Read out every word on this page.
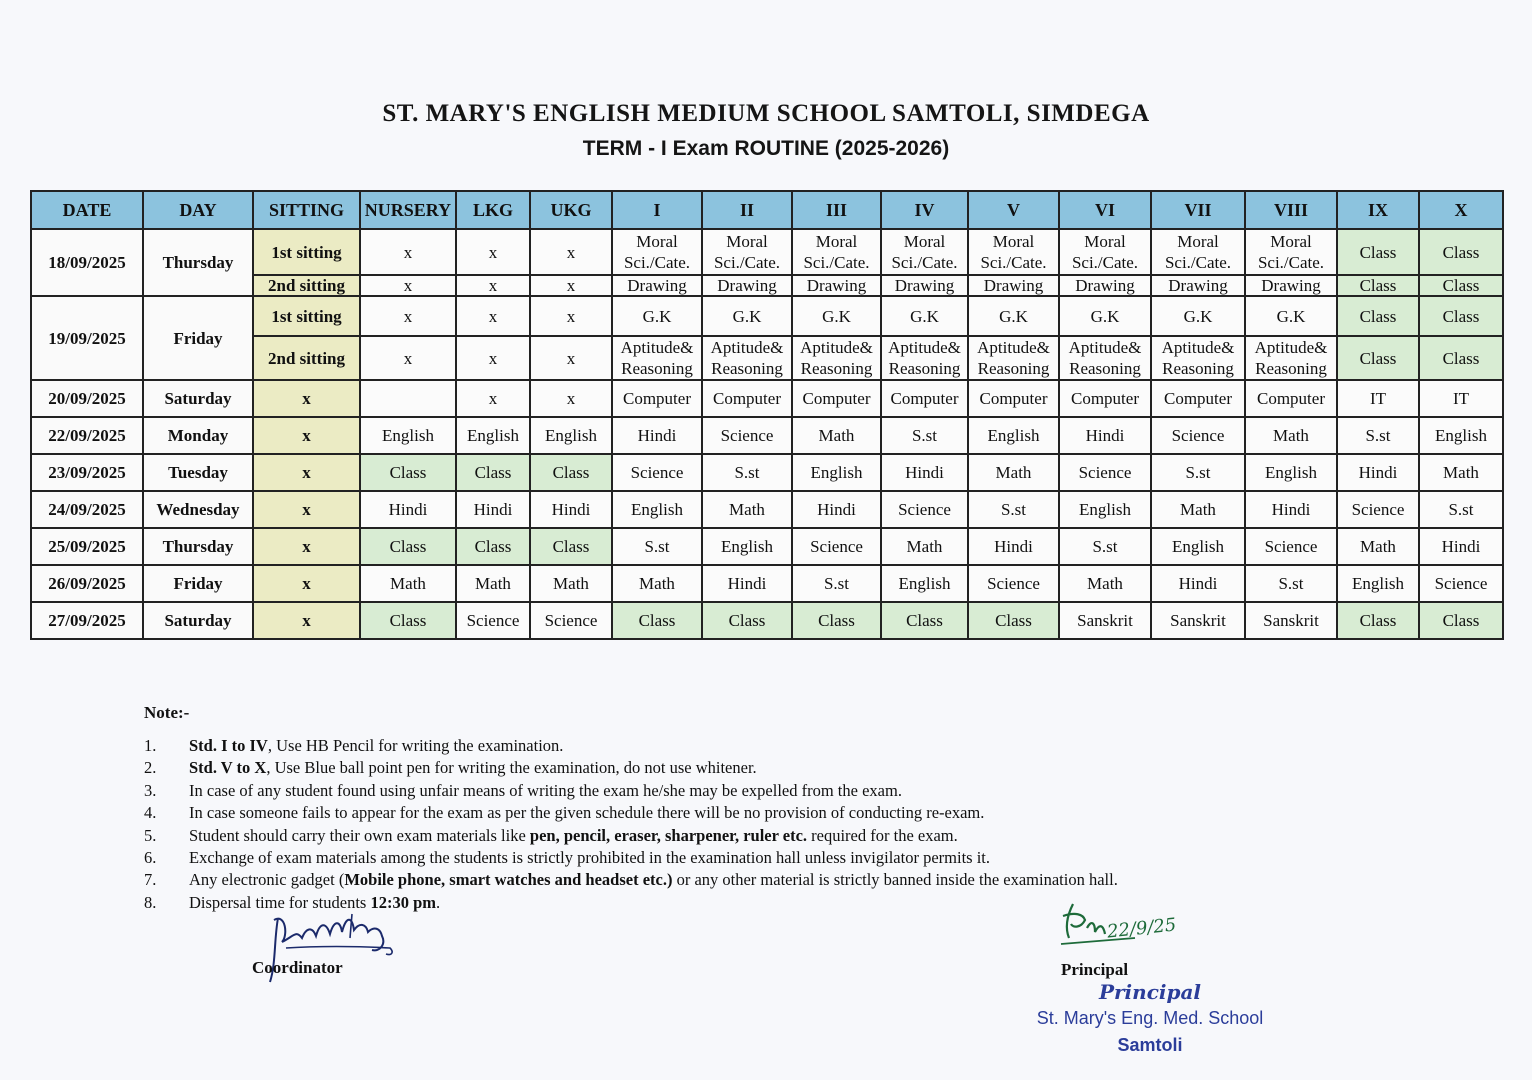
ST. MARY'S ENGLISH MEDIUM SCHOOL SAMTOLI, SIMDEGA
TERM - I Exam ROUTINE (2025-2026)
DATE	DAY	SITTING	NURSERY	LKG	UKG	I	II	III	IV	V	VI	VII	VIII	IX	X
18/09/2025	Thursday	1st sitting	x	x	x	Moral Sci./Cate.	Moral Sci./Cate.	Moral Sci./Cate.	Moral Sci./Cate.	Moral Sci./Cate.	Moral Sci./Cate.	Moral Sci./Cate.	Moral Sci./Cate.	Class	Class
		2nd sitting	x	x	x	Drawing	Drawing	Drawing	Drawing	Drawing	Drawing	Drawing	Drawing	Class	Class
19/09/2025	Friday	1st sitting	x	x	x	G.K	G.K	G.K	G.K	G.K	G.K	G.K	G.K	Class	Class
		2nd sitting	x	x	x	Aptitude& Reasoning	Aptitude& Reasoning	Aptitude& Reasoning	Aptitude& Reasoning	Aptitude& Reasoning	Aptitude& Reasoning	Aptitude& Reasoning	Aptitude& Reasoning	Class	Class
20/09/2025	Saturday	x		x	x	Computer	Computer	Computer	Computer	Computer	Computer	Computer	Computer	IT	IT
22/09/2025	Monday	x	English	English	English	Hindi	Science	Math	S.st	English	Hindi	Science	Math	S.st	English
23/09/2025	Tuesday	x	Class	Class	Class	Science	S.st	English	Hindi	Math	Science	S.st	English	Hindi	Math
24/09/2025	Wednesday	x	Hindi	Hindi	Hindi	English	Math	Hindi	Science	S.st	English	Math	Hindi	Science	S.st
25/09/2025	Thursday	x	Class	Class	Class	S.st	English	Science	Math	Hindi	S.st	English	Science	Math	Hindi
26/09/2025	Friday	x	Math	Math	Math	Math	Hindi	S.st	English	Science	Math	Hindi	S.st	English	Science
27/09/2025	Saturday	x	Class	Science	Science	Class	Class	Class	Class	Class	Sanskrit	Sanskrit	Sanskrit	Class	Class
Note:-
1.	Std. I to IV, Use HB Pencil for writing the examination.
2.	Std. V to X, Use Blue ball point pen for writing the examination, do not use whitener.
3.	In case of any student found using unfair means of writing the exam he/she may be expelled from the exam.
4.	In case someone fails to appear for the exam as per the given schedule there will be no provision of conducting re-exam.
5.	Student should carry their own exam materials like pen, pencil, eraser, sharpener, ruler etc. required for the exam.
6.	Exchange of exam materials among the students is strictly prohibited in the examination hall unless invigilator permits it.
7.	Any electronic gadget (Mobile phone, smart watches and headset etc.) or any other material is strictly banned inside the examination hall.
8.	Dispersal time for students 12:30 pm.
Coordinator
22/9/25
Principal
Principal
St. Mary's Eng. Med. School
Samtoli
